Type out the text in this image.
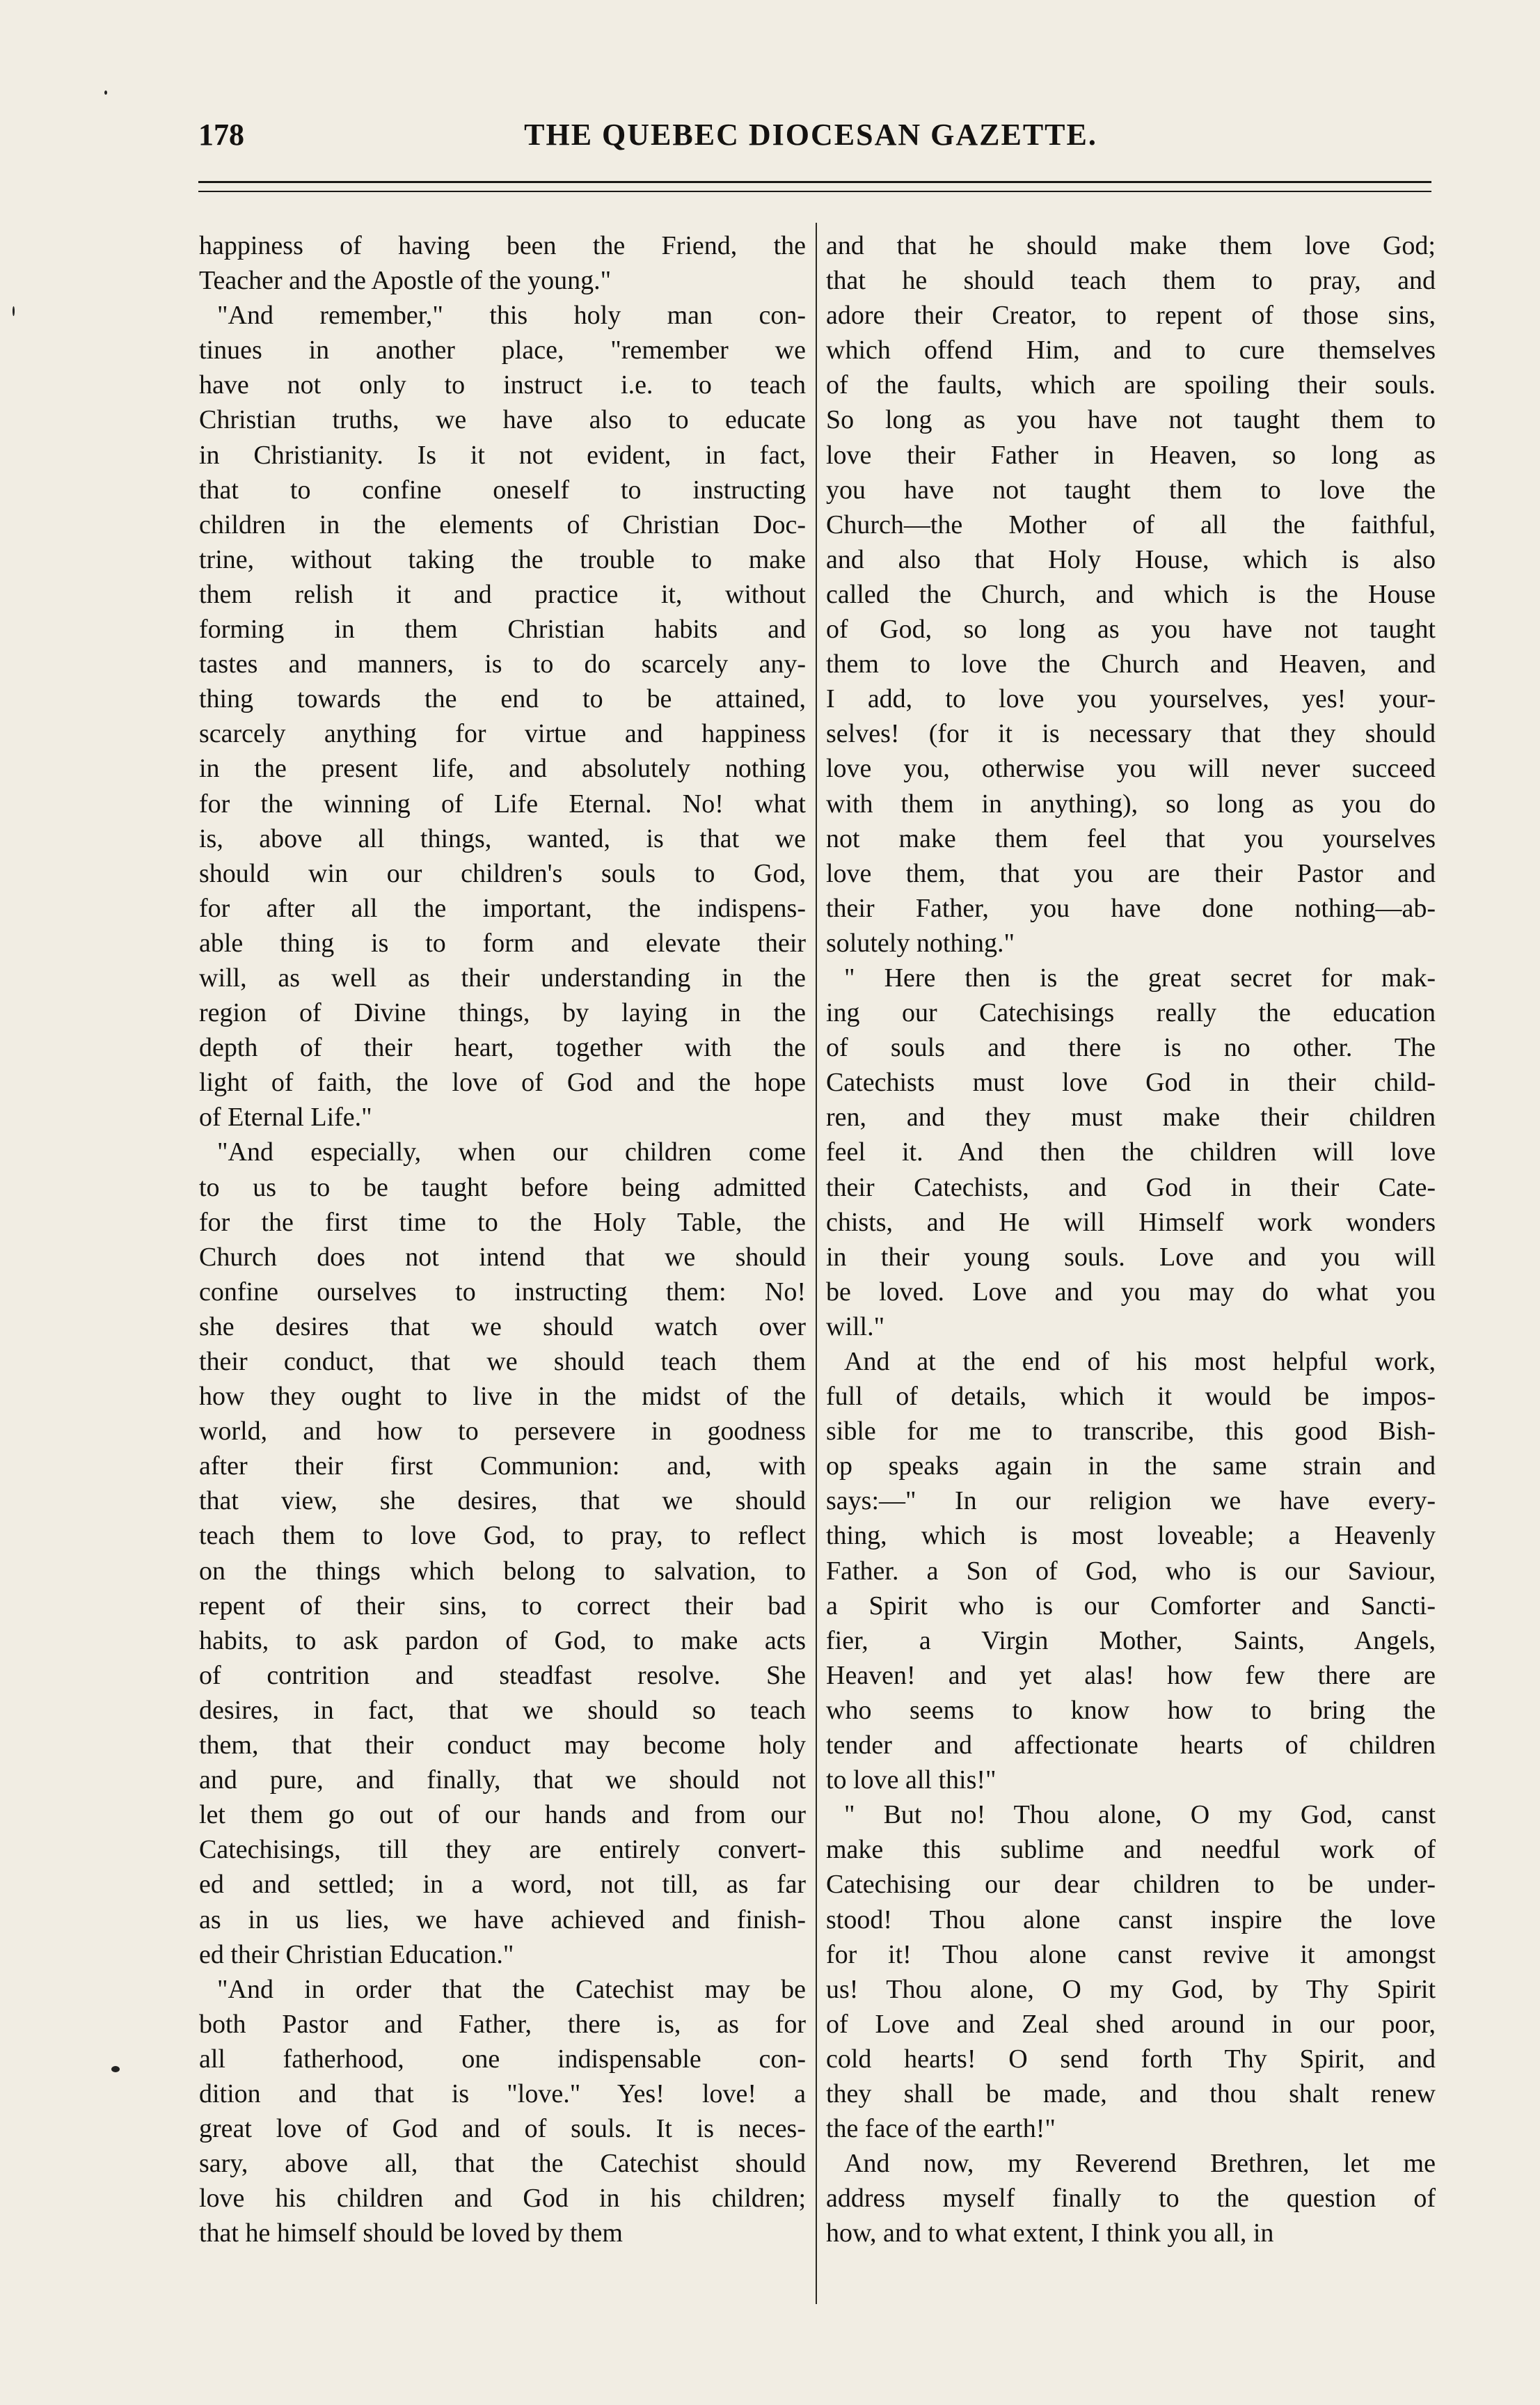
178	THE QUEBEC DIOCESAN GAZETTE.

happiness of having been the Friend, the

Teacher and the Apostle of the young."

"And remember," this holy man con-

tinues in another place, "remember we

have not only to instruct i.e. to teach

Christian truths, we have also to educate

in Christianity. Is it not evident, in fact,

that to confine oneself to instructing

children in the elements of Christian Doc-

trine, without taking the trouble to make

them relish it and practice it, without

forming in them Christian habits and

tastes and manners, is to do scarcely any-

thing towards the end to be attained,

scarcely anything for virtue and happiness

in the present life, and absolutely nothing

for the winning of Life Eternal. No! what

is, above all things, wanted, is that we

should win our children's souls to God,

for after all the important, the indispens-

able thing is to form and elevate their

will, as well as their understanding in the

region of Divine things, by laying in the

depth of their heart, together with the

light of faith, the love of God and the hope

of Eternal Life."

"And especially, when our children come

to us to be taught before being admitted

for the first time to the Holy Table, the

Church does not intend that we should

confine ourselves to instructing them: No!

she desires that we should watch over

their conduct, that we should teach them

how they ought to live in the midst of the

world, and how to persevere in goodness

after their first Communion: and, with

that view, she desires, that we should

teach them to love God, to pray, to reflect

on the things which belong to salvation, to

repent of their sins, to correct their bad

habits, to ask pardon of God, to make acts

of contrition and steadfast resolve. She

desires, in fact, that we should so teach

them, that their conduct may become holy

and pure, and finally, that we should not

let them go out of our hands and from our

Catechisings, till they are entirely convert-

ed and settled; in a word, not till, as far

as in us lies, we have achieved and finish-

ed their Christian Education."

"And in order that the Catechist may be

both Pastor and Father, there is, as for

all fatherhood, one indispensable con-

dition and that is "love." Yes! love! a

great love of God and of souls. It is neces-

sary, above all, that the Catechist should

love his children and God in his children;

that he himself should be loved by them

and that he should make them love God;

that he should teach them to pray, and

adore their Creator, to repent of those sins,

which offend Him, and to cure themselves

of the faults, which are spoiling their souls.

So long as you have not taught them to

love their Father in Heaven, so long as

you have not taught them to love the

Church—the Mother of all the faithful,

and also that Holy House, which is also

called the Church, and which is the House

of God, so long as you have not taught

them to love the Church and Heaven, and

I add, to love you yourselves, yes! your-

selves! (for it is necessary that they should

love you, otherwise you will never succeed

with them in anything), so long as you do

not make them feel that you yourselves

love them, that you are their Pastor and

their Father, you have done nothing—ab-

solutely nothing."

" Here then is the great secret for mak-

ing our Catechisings really the education

of souls and there is no other. The

Catechists must love God in their child-

ren, and they must make their children

feel it. And then the children will love

their Catechists, and God in their Cate-

chists, and He will Himself work wonders

in their young souls. Love and you will

be loved. Love and you may do what you

will."

And at the end of his most helpful work,

full of details, which it would be impos-

sible for me to transcribe, this good Bish-

op speaks again in the same strain and

says:—" In our religion we have every-

thing, which is most loveable; a Heavenly

Father. a Son of God, who is our Saviour,

a Spirit who is our Comforter and Sancti-

fier, a Virgin Mother, Saints, Angels,

Heaven! and yet alas! how few there are

who seems to know how to bring the

tender and affectionate hearts of children

to love all this!"

" But no! Thou alone, O my God, canst

make this sublime and needful work of

Catechising our dear children to be under-

stood! Thou alone canst inspire the love

for it! Thou alone canst revive it amongst

us! Thou alone, O my God, by Thy Spirit

of Love and Zeal shed around in our poor,

cold hearts! O send forth Thy Spirit, and

they shall be made, and thou shalt renew

the face of the earth!"

And now, my Reverend Brethren, let me

address myself finally to the question of

how, and to what extent, I think you all, in
